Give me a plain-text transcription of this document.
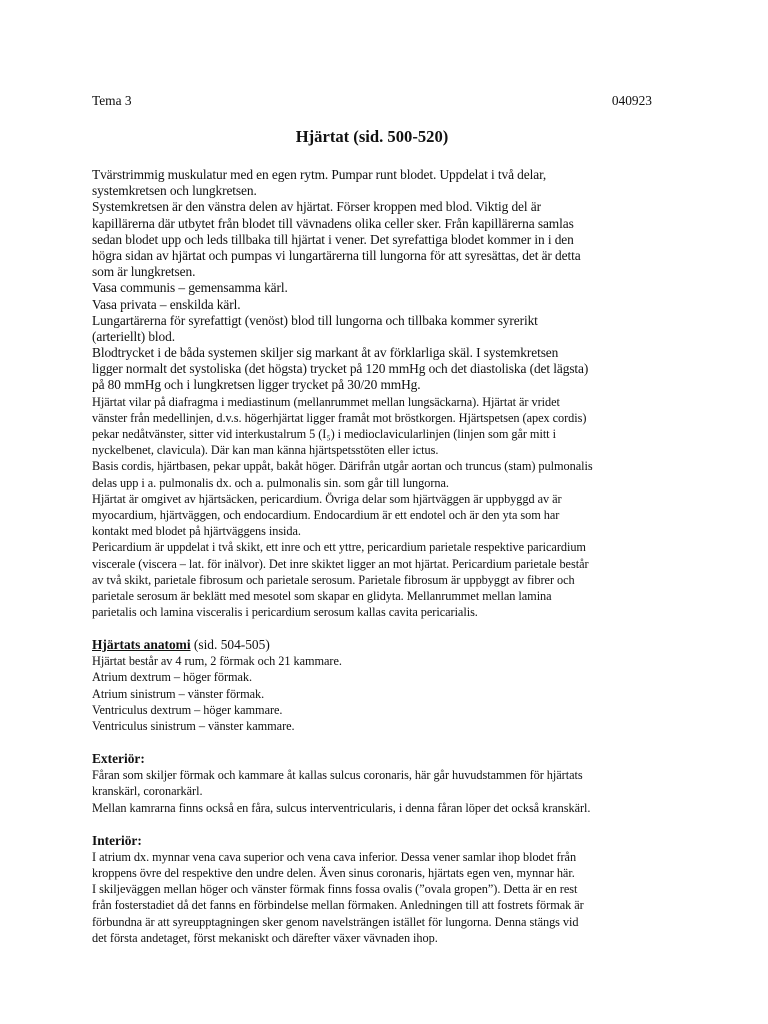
Tema 3	040923
Hjärtat (sid. 500-520)
Tvärstrimmig muskulatur med en egen rytm. Pumpar runt blodet. Uppdelat i två delar,
systemkretsen och lungkretsen.
Systemkretsen är den vänstra delen av hjärtat. Förser kroppen med blod. Viktig del är
kapillärerna där utbytet från blodet till vävnadens olika celler sker. Från kapillärerna samlas
sedan blodet upp och leds tillbaka till hjärtat i vener. Det syrefattiga blodet kommer in i den
högra sidan av hjärtat och pumpas vi lungartärerna till lungorna för att syresättas, det är detta
som är lungkretsen.
Vasa communis – gemensamma kärl.
Vasa privata – enskilda kärl.
Lungartärerna för syrefattigt (venöst) blod till lungorna och tillbaka kommer syrerikt
(arteriellt) blod.
Blodtrycket i de båda systemen skiljer sig markant åt av förklarliga skäl. I systemkretsen
ligger normalt det systoliska (det högsta) trycket på 120 mmHg och det diastoliska (det lägsta)
på 80 mmHg och i lungkretsen ligger trycket på 30/20 mmHg.
Hjärtat vilar på diafragma i mediastinum (mellanrummet mellan lungsäckarna). Hjärtat är vridet
vänster från medellinjen, d.v.s. högerhjärtat ligger framåt mot bröstkorgen. Hjärtspetsen (apex cordis)
pekar nedåtvänster, sitter vid interkustalrum 5 (I₅) i medioclavicularlinjen (linjen som går mitt i
nyckelbenet, clavicula). Där kan man känna hjärtspetsstöten eller ictus.
Basis cordis, hjärtbasen, pekar uppåt, bakåt höger. Därifrån utgår aortan och truncus (stam) pulmonalis
delas upp i a. pulmonalis dx. och a. pulmonalis sin. som går till lungorna.
Hjärtat är omgivet av hjärtsäcken, pericardium. Övriga delar som hjärtväggen är uppbyggd av är
myocardium, hjärtväggen, och endocardium. Endocardium är ett endotel och är den yta som har
kontakt med blodet på hjärtväggens insida.
Pericardium är uppdelat i två skikt, ett inre och ett yttre, pericardium parietale respektive paricardium
viscerale (viscera – lat. för inälvor). Det inre skiktet ligger an mot hjärtat. Pericardium parietale består
av två skikt, parietale fibrosum och parietale serosum. Parietale fibrosum är uppbyggt av fibrer och
parietale serosum är beklätt med mesotel som skapar en glidyta. Mellanrummet mellan lamina
parietalis och lamina visceralis i pericardium serosum kallas cavita pericarialis.
Hjärtats anatomi (sid. 504-505)
Hjärtat består av 4 rum, 2 förmak och 21 kammare.
Atrium dextrum – höger förmak.
Atrium sinistrum – vänster förmak.
Ventriculus dextrum – höger kammare.
Ventriculus sinistrum – vänster kammare.
Exteriör:
Fåran som skiljer förmak och kammare åt kallas sulcus coronaris, här går huvudstammen för hjärtats
kranskärl, coronarkärl.
Mellan kamrarna finns också en fåra, sulcus interventricularis, i denna fåran löper det också kranskärl.
Interiör:
I atrium dx. mynnar vena cava superior och vena cava inferior. Dessa vener samlar ihop blodet från
kroppens övre del respektive den undre delen. Även sinus coronaris, hjärtats egen ven, mynnar här.
I skiljeväggen mellan höger och vänster förmak finns fossa ovalis (”ovala gropen”). Detta är en rest
från fosterstadiet då det fanns en förbindelse mellan förmaken. Anledningen till att fostrets förmak är
förbundna är att syreupptagningen sker genom navelsträngen istället för lungorna. Denna stängs vid
det första andetaget, först mekaniskt och därefter växer vävnaden ihop.
